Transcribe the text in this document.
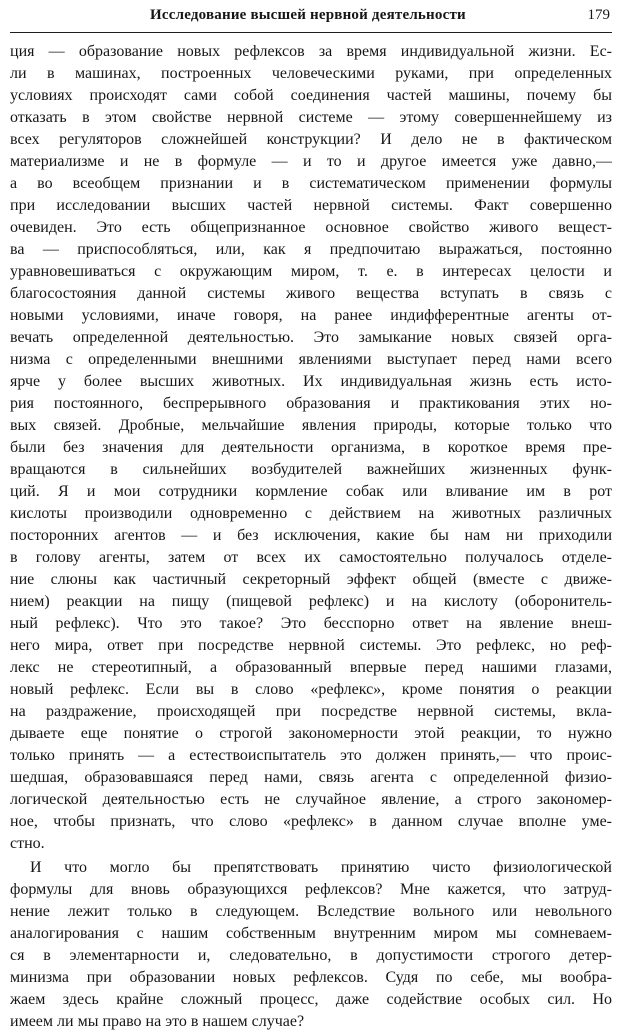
Исследование высшей нервной деятельности	179
ция — образование новых рефлексов за время индивидуальной жизни. Ес-
ли в машинах, построенных человеческими руками, при определенных
условиях происходят сами собой соединения частей машины, почему бы
отказать в этом свойстве нервной системе — этому совершеннейшему из
всех регуляторов сложнейшей конструкции? И дело не в фактическом
материализме и не в формуле — и то и другое имеется уже давно,—
а во всеобщем признании и в систематическом применении формулы
при исследовании высших частей нервной системы. Факт совершенно
очевиден. Это есть общепризнанное основное свойство живого вещест-
ва — приспособляться, или, как я предпочитаю выражаться, постоянно
уравновешиваться с окружающим миром, т. е. в интересах целости и
благосостояния данной системы живого вещества вступать в связь с
новыми условиями, иначе говоря, на ранее индифферентные агенты от-
вечать определенной деятельностью. Это замыкание новых связей орга-
низма с определенными внешними явлениями выступает перед нами всего
ярче у более высших животных. Их индивидуальная жизнь есть исто-
рия постоянного, беспрерывного образования и практикования этих но-
вых связей. Дробные, мельчайшие явления природы, которые только что
были без значения для деятельности организма, в короткое время пре-
вращаются в сильнейших возбудителей важнейших жизненных функ-
ций. Я и мои сотрудники кормление собак или вливание им в рот
кислоты производили одновременно с действием на животных различных
посторонних агентов — и без исключения, какие бы нам ни приходили
в голову агенты, затем от всех их самостоятельно получалось отделе-
ние слюны как частичный секреторный эффект общей (вместе с движе-
нием) реакции на пищу (пищевой рефлекс) и на кислоту (оборонитель-
ный рефлекс). Что это такое? Это бесспорно ответ на явление внеш-
него мира, ответ при посредстве нервной системы. Это рефлекс, но реф-
лекс не стереотипный, а образованный впервые перед нашими глазами,
новый рефлекс. Если вы в слово «рефлекс», кроме понятия о реакции
на раздражение, происходящей при посредстве нервной системы, вкла-
дываете еще понятие о строгой закономерности этой реакции, то нужно
только принять — а естествоиспытатель это должен принять,— что проис-
шедшая, образовавшаяся перед нами, связь агента с определенной физио-
логической деятельностью есть не случайное явление, а строго закономер-
ное, чтобы признать, что слово «рефлекс» в данном случае вполне уме-
стно.
И что могло бы препятствовать принятию чисто физиологической
формулы для вновь образующихся рефлексов? Мне кажется, что затруд-
нение лежит только в следующем. Вследствие вольного или невольного
аналогирования с нашим собственным внутренним миром мы сомневаем-
ся в элементарности и, следовательно, в допустимости строгого детер-
минизма при образовании новых рефлексов. Судя по себе, мы вообра-
жаем здесь крайне сложный процесс, даже содействие особых сил. Но
имеем ли мы право на это в нашем случае?
